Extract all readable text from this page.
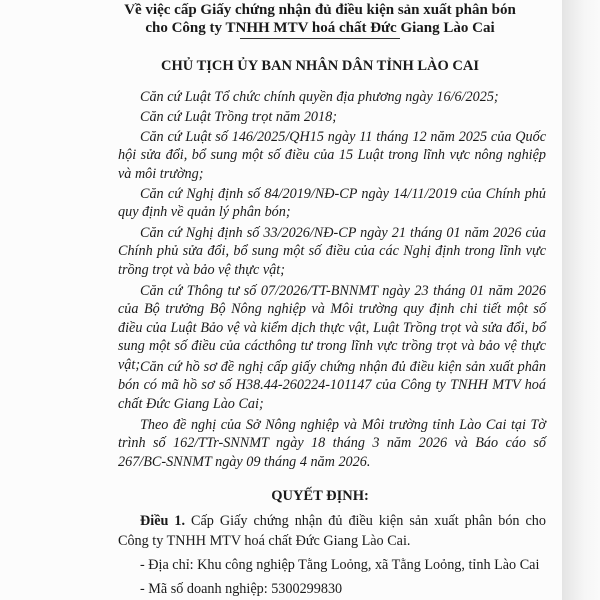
Về việc cấp Giấy chứng nhận đủ điều kiện sản xuất phân bón
cho Công ty TNHH MTV hoá chất Đức Giang Lào Cai
CHỦ TỊCH ỦY BAN NHÂN DÂN TỈNH LÀO CAI
Căn cứ Luật Tổ chức chính quyền địa phương ngày 16/6/2025;
Căn cứ Luật Trồng trọt năm 2018;
Căn cứ Luật số 146/2025/QH15 ngày 11 tháng 12 năm 2025 của Quốc hội sửa đổi, bổ sung một số điều của 15 Luật trong lĩnh vực nông nghiệp và môi trường;
Căn cứ Nghị định số 84/2019/NĐ-CP ngày 14/11/2019 của Chính phủ quy định về quản lý phân bón;
Căn cứ Nghị định số 33/2026/NĐ-CP ngày 21 tháng 01 năm 2026 của Chính phủ sửa đổi, bổ sung một số điều của các Nghị định trong lĩnh vực trồng trọt và bảo vệ thực vật;
Căn cứ Thông tư số 07/2026/TT-BNNMT ngày 23 tháng 01 năm 2026 của Bộ trưởng Bộ Nông nghiệp và Môi trường quy định chi tiết một số điều của Luật Bảo vệ và kiểm dịch thực vật, Luật Trồng trọt và sửa đổi, bổ sung một số điều của cácthông tư trong lĩnh vực trồng trọt và bảo vệ thực vật; Căn cứ hồ sơ đề nghị cấp giấy chứng nhận đủ điều kiện sản xuất phân bón có mã hồ sơ số H38.44-260224-101147 của Công ty TNHH MTV hoá chất Đức Giang Lào Cai;
Theo đề nghị của Sở Nông nghiệp và Môi trường tỉnh Lào Cai tại Tờ trình số 162/TTr-SNNMT ngày 18 tháng 3 năm 2026 và Báo cáo số 267/BC-SNNMT ngày 09 tháng 4 năm 2026.
QUYẾT ĐỊNH:
Điều 1. Cấp Giấy chứng nhận đủ điều kiện sản xuất phân bón cho Công ty TNHH MTV hoá chất Đức Giang Lào Cai.
- Địa chỉ: Khu công nghiệp Tằng Loỏng, xã Tằng Loỏng, tỉnh Lào Cai
- Mã số doanh nghiệp: 5300299830
